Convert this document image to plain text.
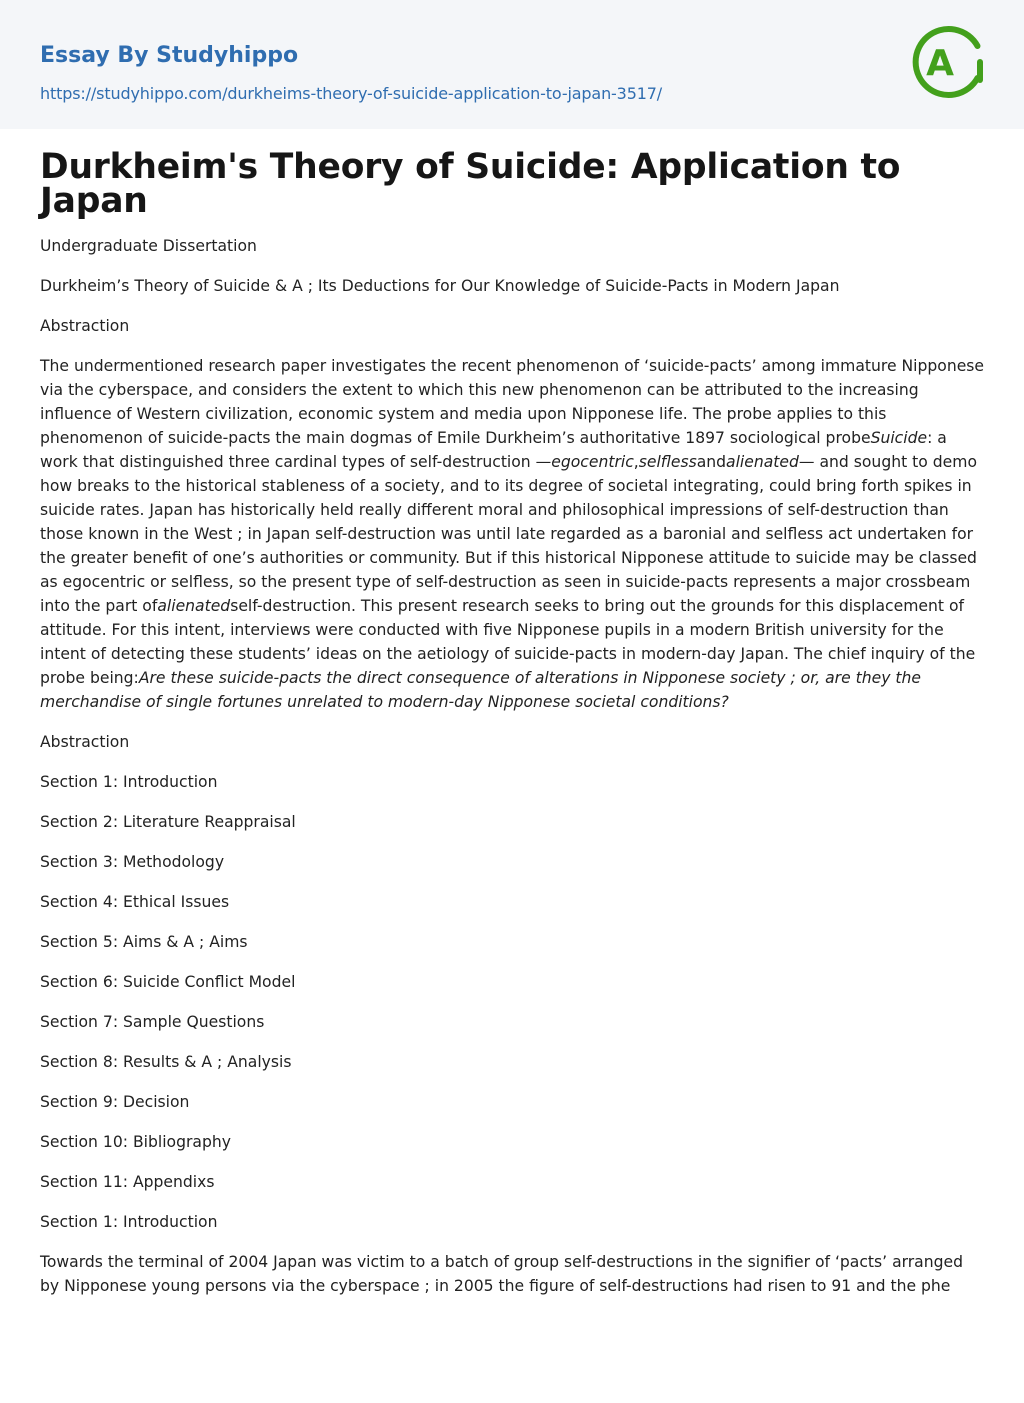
Essay By Studyhippo
https://studyhippo.com/durkheims-theory-of-suicide-application-to-japan-3517/
A
Durkheim's Theory of Suicide: Application to Japan

Undergraduate Dissertation

Durkheim’s Theory of Suicide & A ; Its Deductions for Our Knowledge of Suicide-Pacts in Modern Japan

Abstraction

The undermentioned research paper investigates the recent phenomenon of ‘suicide-pacts’ among immature Nipponese via the cyberspace, and considers the extent to which this new phenomenon can be attributed to the increasing influence of Western civilization, economic system and media upon Nipponese life. The probe applies to this phenomenon of suicide-pacts the main dogmas of Emile Durkheim’s authoritative 1897 sociological probeSuicide: a work that distinguished three cardinal types of self-destruction —egocentric,selflessandalienated— and sought to demo how breaks to the historical stableness of a society, and to its degree of societal integrating, could bring forth spikes in suicide rates. Japan has historically held really different moral and philosophical impressions of self-destruction than those known in the West ; in Japan self-destruction was until late regarded as a baronial and selfless act undertaken for the greater benefit of one’s authorities or community. But if this historical Nipponese attitude to suicide may be classed as egocentric or selfless, so the present type of self-destruction as seen in suicide-pacts represents a major crossbeam into the part ofalienatedself-destruction. This present research seeks to bring out the grounds for this displacement of attitude. For this intent, interviews were conducted with five Nipponese pupils in a modern British university for the intent of detecting these students’ ideas on the aetiology of suicide-pacts in modern-day Japan. The chief inquiry of the probe being:Are these suicide-pacts the direct consequence of alterations in Nipponese society ; or, are they the merchandise of single fortunes unrelated to modern-day Nipponese societal conditions?

Abstraction

Section 1: Introduction

Section 2: Literature Reappraisal

Section 3: Methodology

Section 4: Ethical Issues

Section 5: Aims & A ; Aims

Section 6: Suicide Conflict Model

Section 7: Sample Questions

Section 8: Results & A ; Analysis

Section 9: Decision

Section 10: Bibliography

Section 11: Appendixs

Section 1: Introduction

Towards the terminal of 2004 Japan was victim to a batch of group self-destructions in the signifier of ‘pacts’ arranged by Nipponese young persons via the cyberspace ; in 2005 the figure of self-destructions had risen to 91 and the phe
